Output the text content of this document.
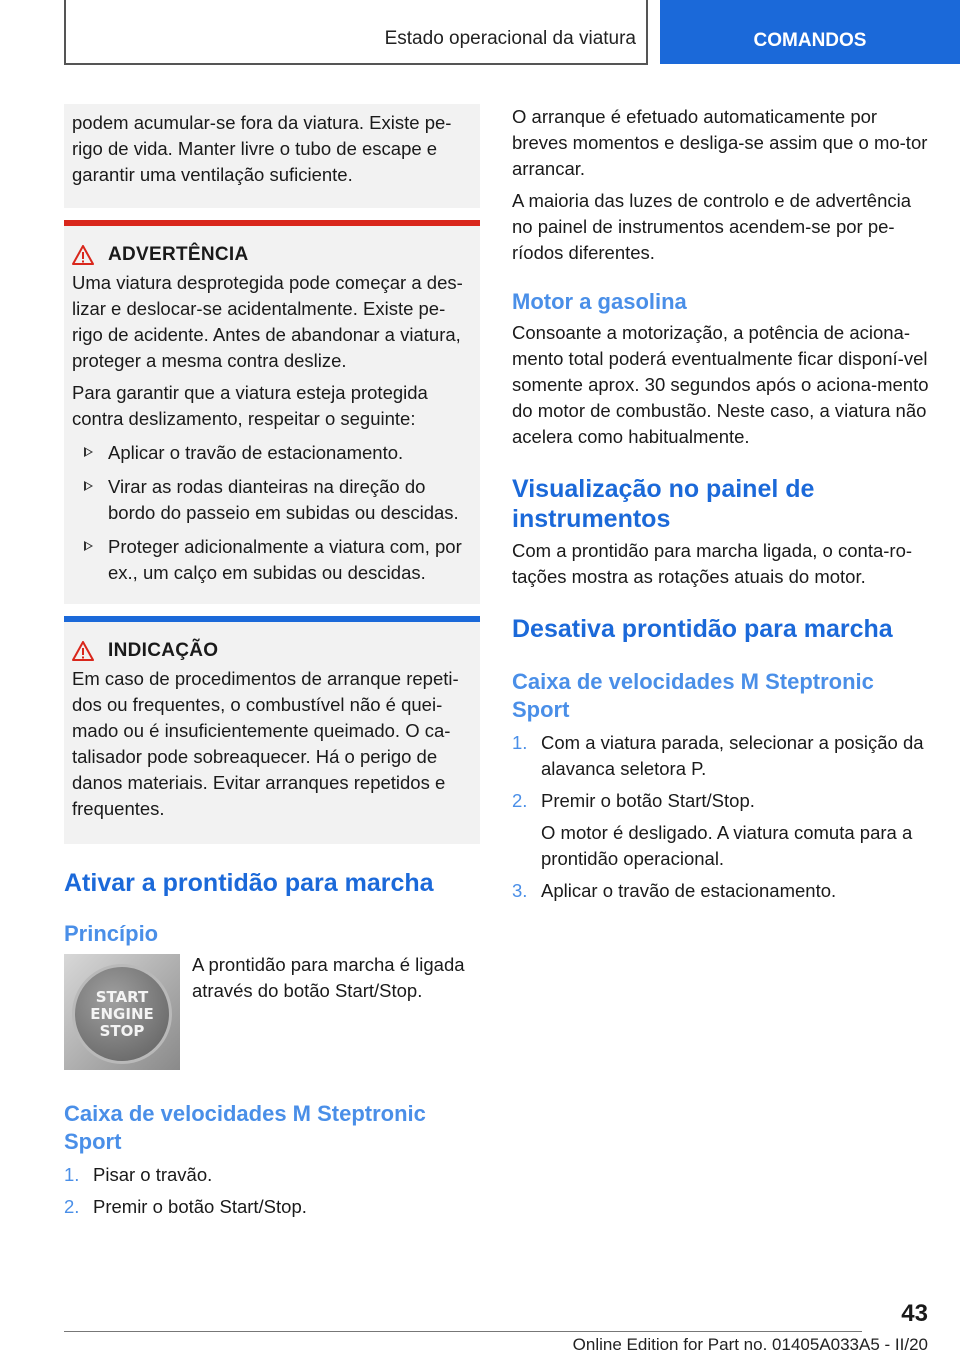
Estado operacional da viatura	COMANDOS

podem acumular-se fora da viatura. Existe pe-rigo de vida. Manter livre o tubo de escape e garantir uma ventilação suficiente.

ADVERTÊNCIA

Uma viatura desprotegida pode começar a des-lizar e deslocar-se acidentalmente. Existe pe-rigo de acidente. Antes de abandonar a viatura, proteger a mesma contra deslize.

Para garantir que a viatura esteja protegida contra deslizamento, respeitar o seguinte:

Aplicar o travão de estacionamento.
Virar as rodas dianteiras na direção do bordo do passeio em subidas ou descidas.
Proteger adicionalmente a viatura com, por ex., um calço em subidas ou descidas.
INDICAÇÃO

Em caso de procedimentos de arranque repeti-dos ou frequentes, o combustível não é quei-mado ou é insuficientemente queimado. O ca-talisador pode sobreaquecer. Há o perigo de danos materiais. Evitar arranques repetidos e frequentes.

Ativar a prontidão para marcha
Princípio
START
ENGINE
STOP

A prontidão para marcha é ligada através do botão Start/Stop.

Caixa de velocidades M Steptronic Sport
1. Pisar o travão.
2. Premir o botão Start/Stop.

O arranque é efetuado automaticamente por breves momentos e desliga-se assim que o mo-tor arrancar.

A maioria das luzes de controlo e de advertência no painel de instrumentos acendem-se por pe-ríodos diferentes.

Motor a gasolina

Consoante a motorização, a potência de aciona-mento total poderá eventualmente ficar disponí-vel somente aprox. 30 segundos após o aciona-mento do motor de combustão. Neste caso, a viatura não acelera como habitualmente.

Visualização no painel de instrumentos

Com a prontidão para marcha ligada, o conta-ro-tações mostra as rotações atuais do motor.

Desativa prontidão para marcha
Caixa de velocidades M Steptronic Sport
1. Com a viatura parada, selecionar a posição da alavanca seletora P.
2. Premir o botão Start/Stop.

O motor é desligado. A viatura comuta para a prontidão operacional.

3. Aplicar o travão de estacionamento.
43
Online Edition for Part no. 01405A033A5 - II/20
